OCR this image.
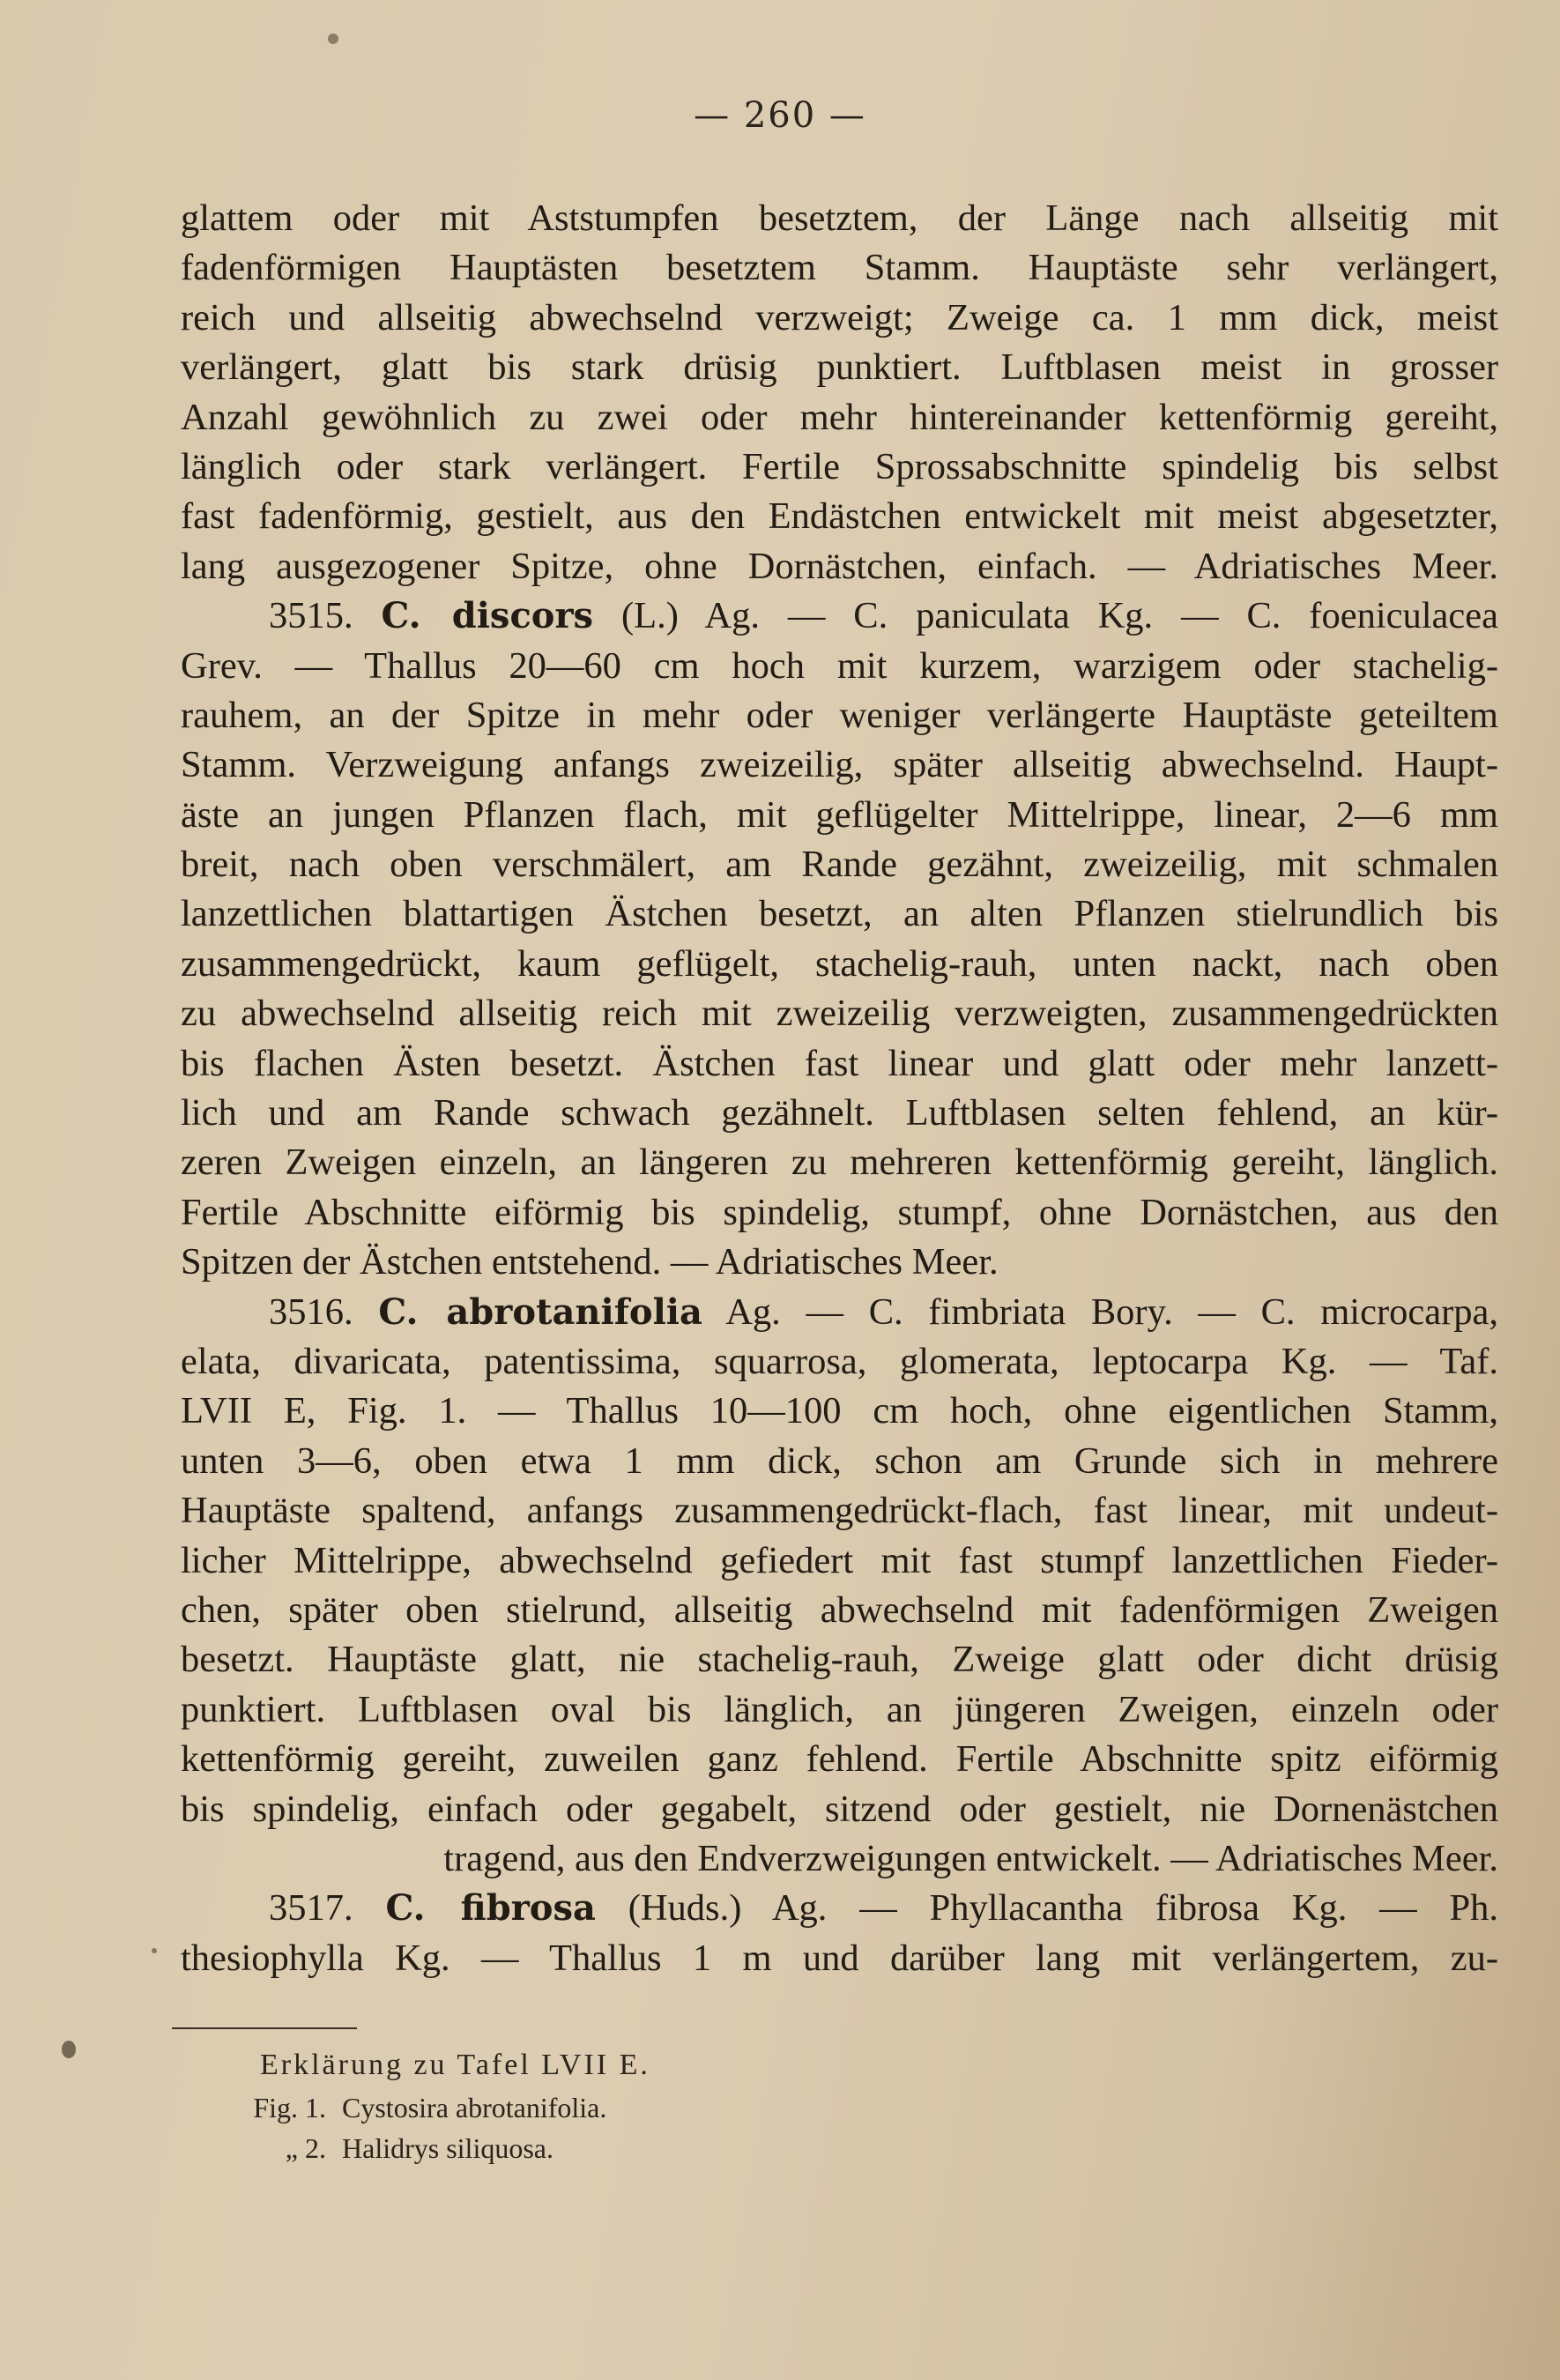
— 260 —
glattem oder mit Aststumpfen besetztem, der Länge nach allseitig mit
fadenförmigen Hauptästen besetztem Stamm. Hauptäste sehr verlängert,
reich und allseitig abwechselnd verzweigt; Zweige ca. 1 mm dick, meist
verlängert, glatt bis stark drüsig punktiert. Luftblasen meist in grosser
Anzahl gewöhnlich zu zwei oder mehr hintereinander kettenförmig gereiht,
länglich oder stark verlängert. Fertile Sprossabschnitte spindelig bis selbst
fast fadenförmig, gestielt, aus den Endästchen entwickelt mit meist abgesetzter,
lang ausgezogener Spitze, ohne Dornästchen, einfach. — Adriatisches Meer.
3515. C. discors (L.) Ag. — C. paniculata Kg. — C. foeniculacea
Grev. — Thallus 20—60 cm hoch mit kurzem, warzigem oder stachelig-
rauhem, an der Spitze in mehr oder weniger verlängerte Hauptäste geteiltem
Stamm. Verzweigung anfangs zweizeilig, später allseitig abwechselnd. Haupt-
äste an jungen Pflanzen flach, mit geflügelter Mittelrippe, linear, 2—6 mm
breit, nach oben verschmälert, am Rande gezähnt, zweizeilig, mit schmalen
lanzettlichen blattartigen Ästchen besetzt, an alten Pflanzen stielrundlich bis
zusammengedrückt, kaum geflügelt, stachelig-rauh, unten nackt, nach oben
zu abwechselnd allseitig reich mit zweizeilig verzweigten, zusammengedrückten
bis flachen Ästen besetzt. Ästchen fast linear und glatt oder mehr lanzett-
lich und am Rande schwach gezähnelt. Luftblasen selten fehlend, an kür-
zeren Zweigen einzeln, an längeren zu mehreren kettenförmig gereiht, länglich.
Fertile Abschnitte eiförmig bis spindelig, stumpf, ohne Dornästchen, aus den
Spitzen der Ästchen entstehend. — Adriatisches Meer.
3516. C. abrotanifolia Ag. — C. fimbriata Bory. — C. microcarpa,
elata, divaricata, patentissima, squarrosa, glomerata, leptocarpa Kg. — Taf.
LVII E, Fig. 1. — Thallus 10—100 cm hoch, ohne eigentlichen Stamm,
unten 3—6, oben etwa 1 mm dick, schon am Grunde sich in mehrere
Hauptäste spaltend, anfangs zusammengedrückt-flach, fast linear, mit undeut-
licher Mittelrippe, abwechselnd gefiedert mit fast stumpf lanzettlichen Fieder-
chen, später oben stielrund, allseitig abwechselnd mit fadenförmigen Zweigen
besetzt. Hauptäste glatt, nie stachelig-rauh, Zweige glatt oder dicht drüsig
punktiert. Luftblasen oval bis länglich, an jüngeren Zweigen, einzeln oder
kettenförmig gereiht, zuweilen ganz fehlend. Fertile Abschnitte spitz eiförmig
bis spindelig, einfach oder gegabelt, sitzend oder gestielt, nie Dornenästchen
tragend, aus den Endverzweigungen entwickelt. — Adriatisches Meer.
3517. C. fibrosa (Huds.) Ag. — Phyllacantha fibrosa Kg. — Ph.
thesiophylla Kg. — Thallus 1 m und darüber lang mit verlängertem, zu-
Erklärung zu Tafel LVII E.
Fig. 1. Cystosira abrotanifolia.
„ 2. Halidrys siliquosa.
